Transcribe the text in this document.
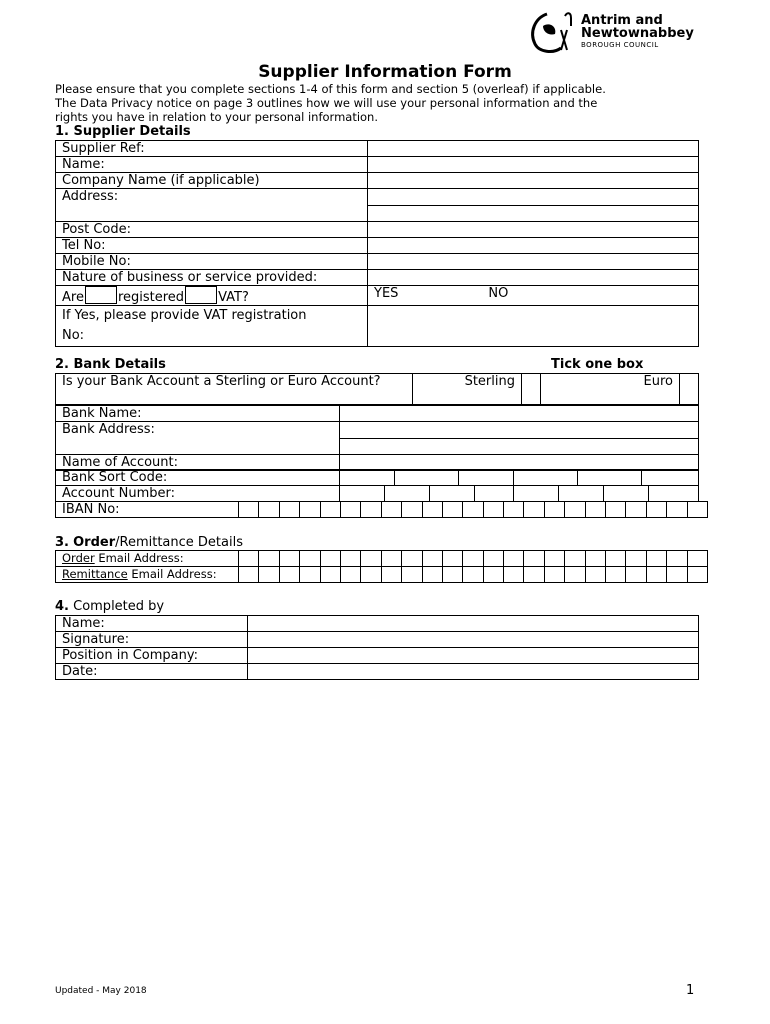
Antrim and
Newtownabbey
BOROUGH COUNCIL
Supplier Information Form
Please ensure that you complete sections 1-4 of this form and section 5 (overleaf) if applicable.
The Data Privacy notice on page 3 outlines how we will use your personal information and the
rights you have in relation to your personal information.
1. Supplier Details
Supplier Ref:	
Name:	
Company Name (if applicable)	
Address:	

Post Code:	
Tel No:	
Mobile No:	
Nature of business or service provided:	
Are registered VAT?	YES NO

If Yes, please provide VAT registration
No:	

2. Bank Details	Tick one box
Is your Bank Account a Sterling or Euro Account?	Sterling		Euro	
Bank Name:	
Bank Address:	

Name of Account:	
Bank Sort Code:						
Account Number:								
IBAN No:																							
3. Order/Remittance Details
Order Email Address:																							
Remittance Email Address:																							
4. Completed by
Name:	
Signature:	
Position in Company:	
Date:	
Updated - May 2018	1
